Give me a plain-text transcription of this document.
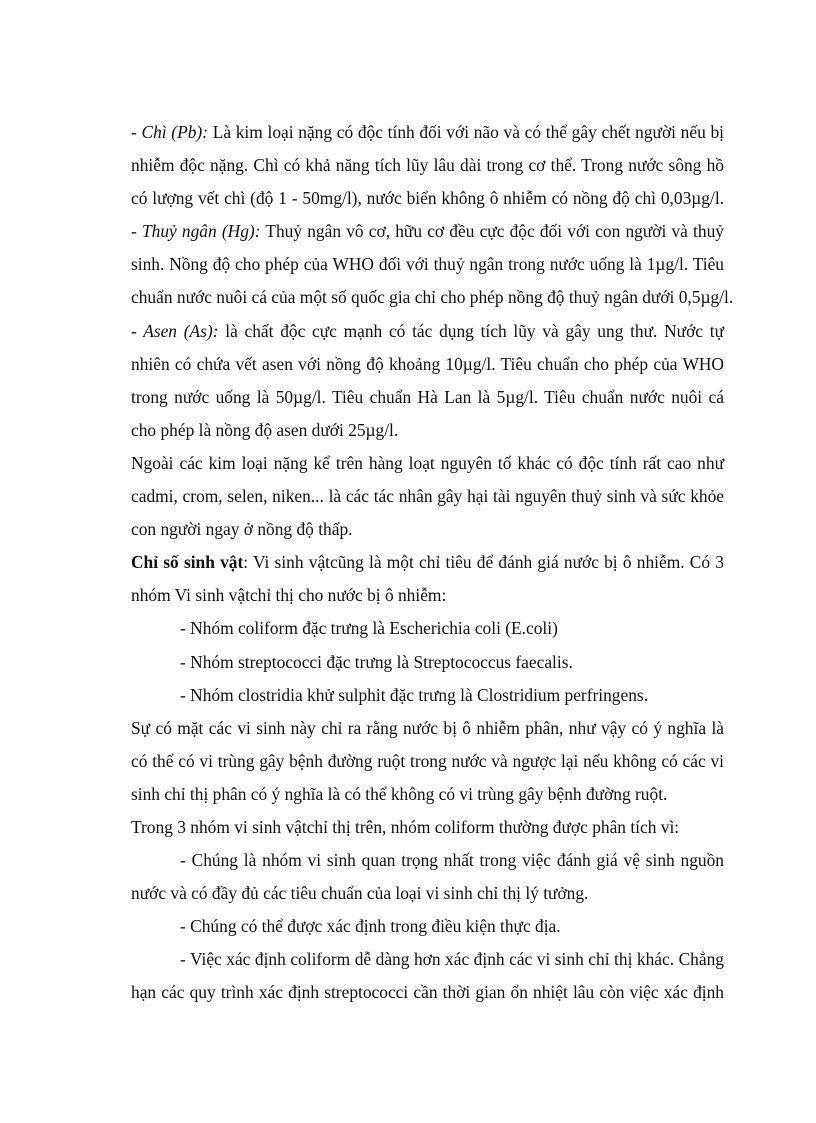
- Chì (Pb): Là kim loại nặng có độc tính đối với não và có thể gây chết người nếu bị
nhiễm độc nặng. Chì có khả năng tích lũy lâu dài trong cơ thể. Trong nước sông hồ
có lượng vết chì (độ 1 - 50mg/l), nước biển không ô nhiễm có nồng độ chì 0,03µg/l.
- Thuỷ ngân (Hg): Thuỷ ngân vô cơ, hữu cơ đều cực độc đối với con người và thuỷ
sinh. Nồng độ cho phép của WHO đối với thuỷ ngân trong nước uống là 1µg/l. Tiêu
chuẩn nước nuôi cá của một số quốc gia chỉ cho phép nồng độ thuỷ ngân dưới 0,5µg/l.
- Asen (As): là chất độc cực mạnh có tác dụng tích lũy và gây ung thư. Nước tự
nhiên có chứa vết asen với nồng độ khoảng 10µg/l. Tiêu chuẩn cho phép của WHO
trong nước uống là 50µg/l. Tiêu chuẩn Hà Lan là 5µg/l. Tiêu chuẩn nước nuôi cá
cho phép là nồng độ asen dưới 25µg/l.
Ngoài các kim loại nặng kể trên hàng loạt nguyên tố khác có độc tính rất cao như
cadmi, crom, selen, niken... là các tác nhân gây hại tài nguyên thuỷ sinh và sức khỏe
con người ngay ở nồng độ thấp.
Chỉ số sinh vật: Vi sinh vậtcũng là một chỉ tiêu để đánh giá nước bị ô nhiễm. Có 3
nhóm Vi sinh vậtchỉ thị cho nước bị ô nhiễm:
- Nhóm coliform đặc trưng là Escherichia coli (E.coli)
- Nhóm streptococci đặc trưng là Streptococcus faecalis.
- Nhóm clostridia khử sulphit đặc trưng là Clostridium perfringens.
Sự có mặt các vi sinh này chỉ ra rằng nước bị ô nhiễm phân, như vậy có ý nghĩa là
có thể có vi trùng gây bệnh đường ruột trong nước và ngược lại nếu không có các vi
sinh chỉ thị phân có ý nghĩa là có thể không có vi trùng gây bệnh đường ruột.
Trong 3 nhóm vi sinh vậtchỉ thị trên, nhóm coliform thường được phân tích vì:
- Chúng là nhóm vi sinh quan trọng nhất trong việc đánh giá vệ sinh nguồn
nước và có đầy đủ các tiêu chuẩn của loại vi sinh chỉ thị lý tưởng.
- Chúng có thể được xác định trong điều kiện thực địa.
- Việc xác định coliform dễ dàng hơn xác định các vi sinh chỉ thị khác. Chẳng
hạn các quy trình xác định streptococci cần thời gian ổn nhiệt lâu còn việc xác định
